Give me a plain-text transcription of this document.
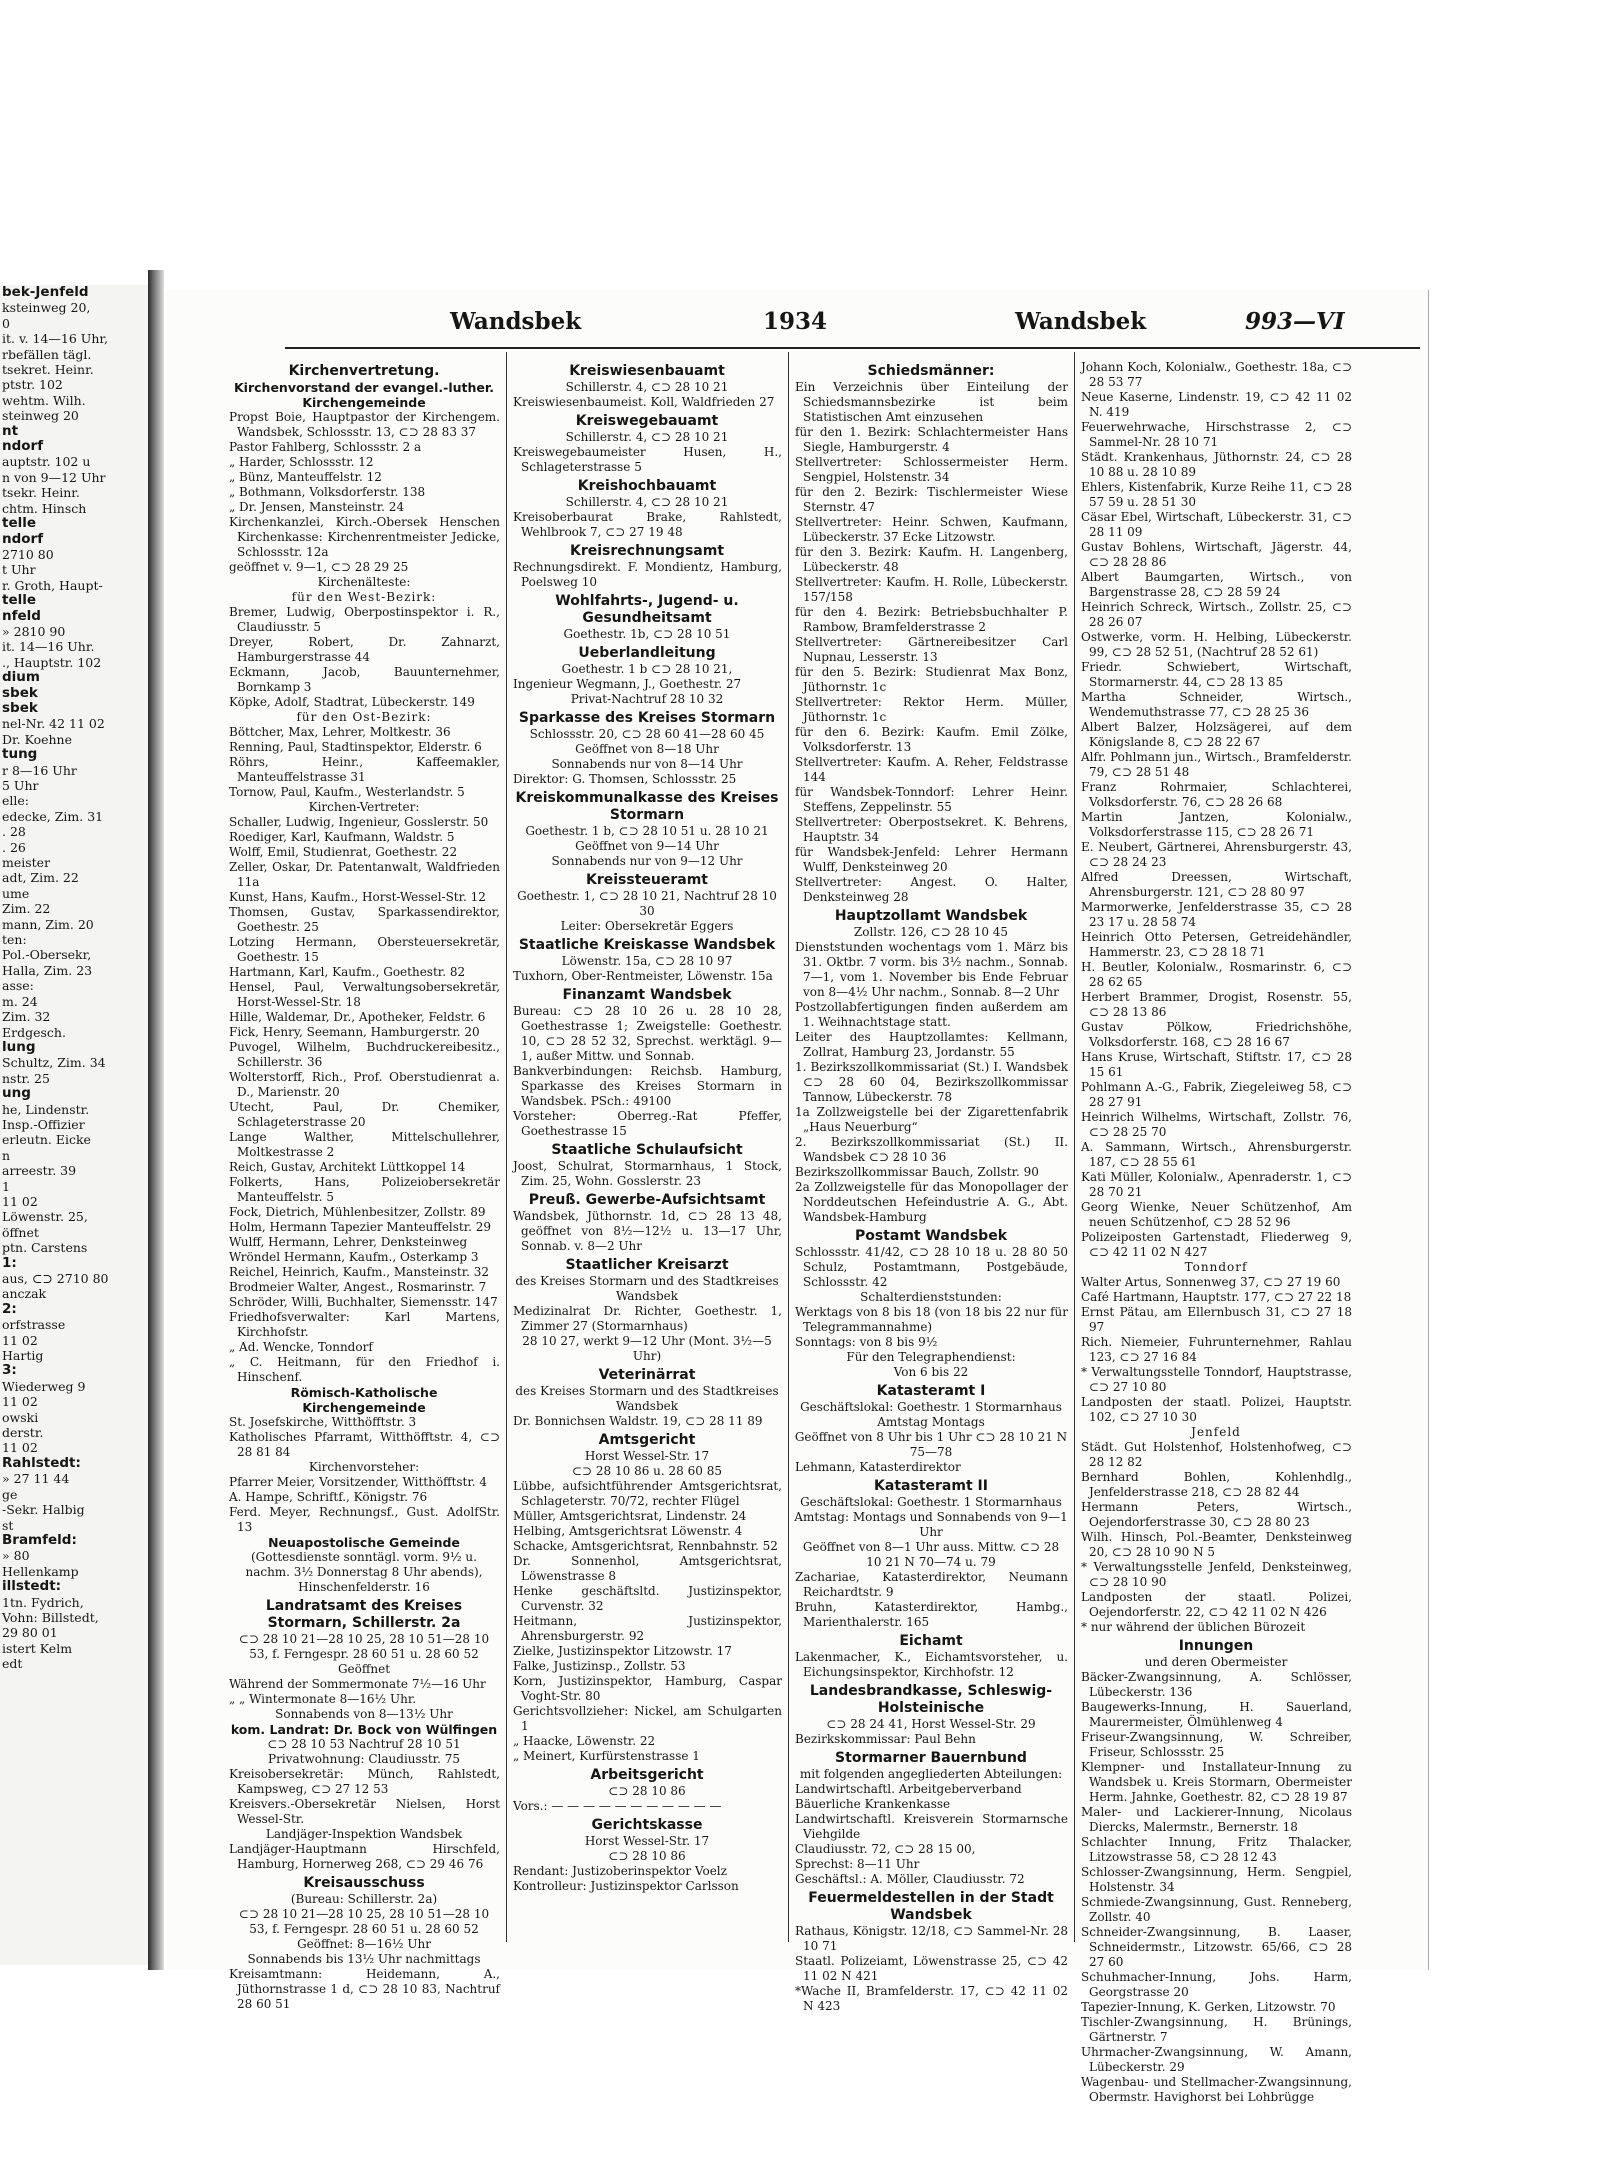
bek-Jenfeld
ksteinweg 20,
0
it. v. 14—16 Uhr,
rbefällen tägl.
tsekret. Heinr.
ptstr. 102
wehtm. Wilh.
steinweg 20
nt
ndorf
auptstr. 102 u
n von 9—12 Uhr
tsekr. Heinr.
chtm. Hinsch
telle
ndorf
2710 80
t Uhr
r. Groth, Haupt-
telle
nfeld
» 2810 90
it. 14—16 Uhr.
., Hauptstr. 102
dium
sbek
sbek
nel-Nr. 42 11 02
Dr. Koehne
tung
r 8—16 Uhr
5 Uhr
elle:
edecke, Zim. 31
. 28
. 26
meister
adt, Zim. 22
ume
Zim. 22
mann, Zim. 20
ten:
Pol.-Obersekr,
Halla, Zim. 23
asse:
m. 24
Zim. 32
Erdgesch.
lung
Schultz, Zim. 34
nstr. 25
ung
he, Lindenstr.
Insp.-Offizier
erleutn. Eicke
n
arreestr. 39
1
11 02
Löwenstr. 25,
öffnet
ptn. Carstens
1:
aus, ⊂⊃ 2710 80
anczak
2:
orfstrasse
11 02
Hartig
3:
Wiederweg 9
11 02
owski
derstr.
11 02
Rahlstedt:
» 27 11 44
ge
-Sekr. Halbig
st
Bramfeld:
» 80
Hellenkamp
illstedt:
1tn. Fydrich,
Vohn: Billstedt,
29 80 01
istert Kelm
edt
Wandsbek	1934	Wandsbek	993—VI
Kirchenvertretung.
Kirchenvorstand der evangel.-luther. Kirchengemeinde
Propst Boie, Hauptpastor der Kirchengem. Wandsbek, Schlossstr. 13, ⊂⊃ 28 83 37
Pastor Fahlberg, Schlossstr. 2 a
„ Harder, Schlossstr. 12
„ Bünz, Manteuffelstr. 12
„ Bothmann, Volksdorferstr. 138
„ Dr. Jensen, Mansteinstr. 24
Kirchenkanzlei, Kirch.-Obersek Henschen Kirchenkasse: Kirchenrentmeister Jedicke, Schlossstr. 12a
geöffnet v. 9—1, ⊂⊃ 28 29 25
Kirchenälteste:
für den West-Bezirk:
Bremer, Ludwig, Oberpostinspektor i. R., Claudiusstr. 5
Dreyer, Robert, Dr. Zahnarzt, Hamburgerstrasse 44
Eckmann, Jacob, Bauunternehmer, Bornkamp 3
Köpke, Adolf, Stadtrat, Lübeckerstr. 149
für den Ost-Bezirk:
Böttcher, Max, Lehrer, Moltkestr. 36
Renning, Paul, Stadtinspektor, Elderstr. 6
Röhrs, Heinr., Kaffeemakler, Manteuffelstrasse 31
Tornow, Paul, Kaufm., Westerlandstr. 5
Kirchen-Vertreter:
Schaller, Ludwig, Ingenieur, Gosslerstr. 50
Roediger, Karl, Kaufmann, Waldstr. 5
Wolff, Emil, Studienrat, Goethestr. 22
Zeller, Oskar, Dr. Patentanwalt, Waldfrieden 11a
Kunst, Hans, Kaufm., Horst-Wessel-Str. 12
Thomsen, Gustav, Sparkassendirektor, Goethestr. 25
Lotzing Hermann, Obersteuersekretär, Goethestr. 15
Hartmann, Karl, Kaufm., Goethestr. 82
Hensel, Paul, Verwaltungsobersekretär, Horst-Wessel-Str. 18
Hille, Waldemar, Dr., Apotheker, Feldstr. 6
Fick, Henry, Seemann, Hamburgerstr. 20
Puvogel, Wilhelm, Buchdruckereibesitz., Schillerstr. 36
Wolterstorff, Rich., Prof. Oberstudienrat a. D., Marienstr. 20
Utecht, Paul, Dr. Chemiker, Schlageterstrasse 20
Lange Walther, Mittelschullehrer, Moltkestrasse 2
Reich, Gustav, Architekt Lüttkoppel 14
Folkerts, Hans, Polizeiobersekretär Manteuffelstr. 5
Fock, Dietrich, Mühlenbesitzer, Zollstr. 89
Holm, Hermann Tapezier Manteuffelstr. 29
Wulff, Hermann, Lehrer, Denksteinweg
Wröndel Hermann, Kaufm., Osterkamp 3
Reichel, Heinrich, Kaufm., Mansteinstr. 32
Brodmeier Walter, Angest., Rosmarinstr. 7
Schröder, Willi, Buchhalter, Siemensstr. 147
Friedhofsverwalter: Karl Martens, Kirchhofstr.
„ Ad. Wencke, Tonndorf
„ C. Heitmann, für den Friedhof i. Hinschenf.
Römisch-Katholische Kirchengemeinde
St. Josefskirche, Witthöfftstr. 3
Katholisches Pfarramt, Witthöfftstr. 4, ⊂⊃ 28 81 84
Kirchenvorsteher:
Pfarrer Meier, Vorsitzender, Witthöfftstr. 4
A. Hampe, Schriftf., Königstr. 76
Ferd. Meyer, Rechnungsf., Gust. AdolfStr. 13
Neuapostolische Gemeinde
(Gottesdienste sonntägl. vorm. 9½ u. nachm. 3½ Donnerstag 8 Uhr abends), Hinschenfelderstr. 16
Landratsamt des Kreises Stormarn, Schillerstr. 2a
⊂⊃ 28 10 21—28 10 25, 28 10 51—28 10 53, f. Ferngespr. 28 60 51 u. 28 60 52
Geöffnet
Während der Sommermonate 7½—16 Uhr
„ „ Wintermonate 8—16½ Uhr.
Sonnabends von 8—13½ Uhr
kom. Landrat: Dr. Bock von Wülfingen
⊂⊃ 28 10 53 Nachtruf 28 10 51 Privatwohnung: Claudiusstr. 75
Kreisobersekretär: Münch, Rahlstedt, Kampsweg, ⊂⊃ 27 12 53
Kreisvers.-Obersekretär Nielsen, Horst Wessel-Str.
Landjäger-Inspektion Wandsbek
Landjäger-Hauptmann Hirschfeld, Hamburg, Hornerweg 268, ⊂⊃ 29 46 76
Kreisausschuss
(Bureau: Schillerstr. 2a)
⊂⊃ 28 10 21—28 10 25, 28 10 51—28 10 53, f. Ferngespr. 28 60 51 u. 28 60 52
Geöffnet: 8—16½ Uhr
Sonnabends bis 13½ Uhr nachmittags
Kreisamtmann: Heidemann, A., Jüthornstrasse 1 d, ⊂⊃ 28 10 83, Nachtruf 28 60 51
Kreiswiesenbauamt
Schillerstr. 4, ⊂⊃ 28 10 21
Kreiswiesenbaumeist. Koll, Waldfrieden 27
Kreiswegebauamt
Schillerstr. 4, ⊂⊃ 28 10 21
Kreiswegebaumeister Husen, H., Schlageterstrasse 5
Kreishochbauamt
Schillerstr. 4, ⊂⊃ 28 10 21
Kreisoberbaurat Brake, Rahlstedt, Wehlbrook 7, ⊂⊃ 27 19 48
Kreisrechnungsamt
Rechnungsdirekt. F. Mondientz, Hamburg, Poelsweg 10
Wohlfahrts-, Jugend- u. Gesundheitsamt
Goethestr. 1b, ⊂⊃ 28 10 51
Ueberlandleitung
Goethestr. 1 b ⊂⊃ 28 10 21,
Ingenieur Wegmann, J., Goethestr. 27
Privat-Nachtruf 28 10 32
Sparkasse des Kreises Stormarn
Schlossstr. 20, ⊂⊃ 28 60 41—28 60 45
Geöffnet von 8—18 Uhr
Sonnabends nur von 8—14 Uhr
Direktor: G. Thomsen, Schlossstr. 25
Kreiskommunalkasse des Kreises Stormarn
Goethestr. 1 b, ⊂⊃ 28 10 51 u. 28 10 21
Geöffnet von 9—14 Uhr
Sonnabends nur von 9—12 Uhr
Kreissteueramt
Goethestr. 1, ⊂⊃ 28 10 21, Nachtruf 28 10 30
Leiter: Obersekretär Eggers
Staatliche Kreiskasse Wandsbek
Löwenstr. 15a, ⊂⊃ 28 10 97
Tuxhorn, Ober-Rentmeister, Löwenstr. 15a
Finanzamt Wandsbek
Bureau: ⊂⊃ 28 10 26 u. 28 10 28, Goethestrasse 1; Zweigstelle: Goethestr. 10, ⊂⊃ 28 52 32, Sprechst. werktägl. 9—1, außer Mittw. und Sonnab.
Bankverbindungen: Reichsb. Hamburg, Sparkasse des Kreises Stormarn in Wandsbek. PSch.: 49100
Vorsteher: Oberreg.-Rat Pfeffer, Goethestrasse 15
Staatliche Schulaufsicht
Joost, Schulrat, Stormarnhaus, 1 Stock, Zim. 25, Wohn. Gosslerstr. 23
Preuß. Gewerbe-Aufsichtsamt
Wandsbek, Jüthornstr. 1d, ⊂⊃ 28 13 48, geöffnet von 8½—12½ u. 13—17 Uhr, Sonnab. v. 8—2 Uhr
Staatlicher Kreisarzt
des Kreises Stormarn und des Stadtkreises Wandsbek
Medizinalrat Dr. Richter, Goethestr. 1, Zimmer 27 (Stormarnhaus)
28 10 27, werkt 9—12 Uhr (Mont. 3½—5 Uhr)
Veterinärrat
des Kreises Stormarn und des Stadtkreises Wandsbek
Dr. Bonnichsen Waldstr. 19, ⊂⊃ 28 11 89
Amtsgericht
Horst Wessel-Str. 17
⊂⊃ 28 10 86 u. 28 60 85
Lübbe, aufsichtführender Amtsgerichtsrat, Schlageterstr. 70/72, rechter Flügel
Müller, Amtsgerichtsrat, Lindenstr. 24
Helbing, Amtsgerichtsrat Löwenstr. 4
Schacke, Amtsgerichtsrat, Rennbahnstr. 52
Dr. Sonnenhol, Amtsgerichtsrat, Löwenstrasse 8
Henke geschäftsltd. Justizinspektor, Curvenstr. 32
Heitmann, Justizinspektor, Ahrensburgerstr. 92
Zielke, Justizinspektor Litzowstr. 17
Falke, Justizinsp., Zollstr. 53
Korn, Justizinspektor, Hamburg, Caspar Voght-Str. 80
Gerichtsvollzieher: Nickel, am Schulgarten 1
„ Haacke, Löwenstr. 22
„ Meinert, Kurfürstenstrasse 1
Arbeitsgericht
⊂⊃ 28 10 86
Vors.: — — — — — — — — — — —
Gerichtskasse
Horst Wessel-Str. 17
⊂⊃ 28 10 86
Rendant: Justizoberinspektor Voelz
Kontrolleur: Justizinspektor Carlsson
Schiedsmänner:
Ein Verzeichnis über Einteilung der Schiedsmannsbezirke ist beim Statistischen Amt einzusehen
für den 1. Bezirk: Schlachtermeister Hans Siegle, Hamburgerstr. 4
Stellvertreter: Schlossermeister Herm. Sengpiel, Holstenstr. 34
für den 2. Bezirk: Tischlermeister Wiese Sternstr. 47
Stellvertreter: Heinr. Schwen, Kaufmann, Lübeckerstr. 37 Ecke Litzowstr.
für den 3. Bezirk: Kaufm. H. Langenberg, Lübeckerstr. 48
Stellvertreter: Kaufm. H. Rolle, Lübeckerstr. 157/158
für den 4. Bezirk: Betriebsbuchhalter P. Rambow, Bramfelderstrasse 2
Stellvertreter: Gärtnereibesitzer Carl Nupnau, Lesserstr. 13
für den 5. Bezirk: Studienrat Max Bonz, Jüthornstr. 1c
Stellvertreter: Rektor Herm. Müller, Jüthornstr. 1c
für den 6. Bezirk: Kaufm. Emil Zölke, Volksdorferstr. 13
Stellvertreter: Kaufm. A. Reher, Feldstrasse 144
für Wandsbek-Tonndorf: Lehrer Heinr. Steffens, Zeppelinstr. 55
Stellvertreter: Oberpostsekret. K. Behrens, Hauptstr. 34
für Wandsbek-Jenfeld: Lehrer Hermann Wulff, Denksteinweg 20
Stellvertreter: Angest. O. Halter, Denksteinweg 28
Hauptzollamt Wandsbek
Zollstr. 126, ⊂⊃ 28 10 45
Dienststunden wochentags vom 1. März bis 31. Oktbr. 7 vorm. bis 3½ nachm., Sonnab. 7—1, vom 1. November bis Ende Februar von 8—4½ Uhr nachm., Sonnab. 8—2 Uhr
Postzollabfertigungen finden außerdem am 1. Weihnachtstage statt.
Leiter des Hauptzollamtes: Kellmann, Zollrat, Hamburg 23, Jordanstr. 55
1. Bezirkszollkommissariat (St.) I. Wandsbek ⊂⊃ 28 60 04, Bezirkszollkommissar Tannow, Lübeckerstr. 78
1a Zollzweigstelle bei der Zigarettenfabrik „Haus Neuerburg“
2. Bezirkszollkommissariat (St.) II. Wandsbek ⊂⊃ 28 10 36
Bezirkszollkommissar Bauch, Zollstr. 90
2a Zollzweigstelle für das Monopollager der Norddeutschen Hefeindustrie A. G., Abt. Wandsbek-Hamburg
Postamt Wandsbek
Schlossstr. 41/42, ⊂⊃ 28 10 18 u. 28 80 50 Schulz, Postamtmann, Postgebäude, Schlossstr. 42
Schalterdienststunden:
Werktags von 8 bis 18 (von 18 bis 22 nur für Telegrammannahme)
Sonntags: von 8 bis 9½
Für den Telegraphendienst:
Von 6 bis 22
Katasteramt I
Geschäftslokal: Goethestr. 1 Stormarnhaus
Amtstag Montags
Geöffnet von 8 Uhr bis 1 Uhr ⊂⊃ 28 10 21 N 75—78
Lehmann, Katasterdirektor
Katasteramt II
Geschäftslokal: Goethestr. 1 Stormarnhaus
Amtstag: Montags und Sonnabends von 9—1 Uhr
Geöffnet von 8—1 Uhr auss. Mittw. ⊂⊃ 28 10 21 N 70—74 u. 79
Zachariae, Katasterdirektor, Neumann Reichardtstr. 9
Bruhn, Katasterdirektor, Hambg., Marienthalerstr. 165
Eichamt
Lakenmacher, K., Eichamtsvorsteher, u. Eichungsinspektor, Kirchhofstr. 12
Landesbrandkasse, Schleswig-Holsteinische
⊂⊃ 28 24 41, Horst Wessel-Str. 29
Bezirkskommissar: Paul Behn
Stormarner Bauernbund
mit folgenden angegliederten Abteilungen:
Landwirtschaftl. Arbeitgeberverband
Bäuerliche Krankenkasse
Landwirtschaftl. Kreisverein Stormarnsche Viehgilde
Claudiusstr. 72, ⊂⊃ 28 15 00,
Sprechst: 8—11 Uhr
Geschäftsl.: A. Möller, Claudiusstr. 72
Feuermeldestellen in der Stadt Wandsbek
Rathaus, Königstr. 12/18, ⊂⊃ Sammel-Nr. 28 10 71
Staatl. Polizeiamt, Löwenstrasse 25, ⊂⊃ 42 11 02 N 421
*Wache II, Bramfelderstr. 17, ⊂⊃ 42 11 02 N 423
Johann Koch, Kolonialw., Goethestr. 18a, ⊂⊃ 28 53 77
Neue Kaserne, Lindenstr. 19, ⊂⊃ 42 11 02 N. 419
Feuerwehrwache, Hirschstrasse 2, ⊂⊃ Sammel-Nr. 28 10 71
Städt. Krankenhaus, Jüthornstr. 24, ⊂⊃ 28 10 88 u. 28 10 89
Ehlers, Kistenfabrik, Kurze Reihe 11, ⊂⊃ 28 57 59 u. 28 51 30
Cäsar Ebel, Wirtschaft, Lübeckerstr. 31, ⊂⊃ 28 11 09
Gustav Bohlens, Wirtschaft, Jägerstr. 44, ⊂⊃ 28 28 86
Albert Baumgarten, Wirtsch., von Bargenstrasse 28, ⊂⊃ 28 59 24
Heinrich Schreck, Wirtsch., Zollstr. 25, ⊂⊃ 28 26 07
Ostwerke, vorm. H. Helbing, Lübeckerstr. 99, ⊂⊃ 28 52 51, (Nachtruf 28 52 61)
Friedr. Schwiebert, Wirtschaft, Stormarnerstr. 44, ⊂⊃ 28 13 85
Martha Schneider, Wirtsch., Wendemuthstrasse 77, ⊂⊃ 28 25 36
Albert Balzer, Holzsägerei, auf dem Königslande 8, ⊂⊃ 28 22 67
Alfr. Pohlmann jun., Wirtsch., Bramfelderstr. 79, ⊂⊃ 28 51 48
Franz Rohrmaier, Schlachterei, Volksdorferstr. 76, ⊂⊃ 28 26 68
Martin Jantzen, Kolonialw., Volksdorferstrasse 115, ⊂⊃ 28 26 71
E. Neubert, Gärtnerei, Ahrensburgerstr. 43, ⊂⊃ 28 24 23
Alfred Dreessen, Wirtschaft, Ahrensburgerstr. 121, ⊂⊃ 28 80 97
Marmorwerke, Jenfelderstrasse 35, ⊂⊃ 28 23 17 u. 28 58 74
Heinrich Otto Petersen, Getreidehändler, Hammerstr. 23, ⊂⊃ 28 18 71
H. Beutler, Kolonialw., Rosmarinstr. 6, ⊂⊃ 28 62 65
Herbert Brammer, Drogist, Rosenstr. 55, ⊂⊃ 28 13 86
Gustav Pölkow, Friedrichshöhe, Volksdorferstr. 168, ⊂⊃ 28 16 67
Hans Kruse, Wirtschaft, Stiftstr. 17, ⊂⊃ 28 15 61
Pohlmann A.-G., Fabrik, Ziegeleiweg 58, ⊂⊃ 28 27 91
Heinrich Wilhelms, Wirtschaft, Zollstr. 76, ⊂⊃ 28 25 70
A. Sammann, Wirtsch., Ahrensburgerstr. 187, ⊂⊃ 28 55 61
Kati Müller, Kolonialw., Apenraderstr. 1, ⊂⊃ 28 70 21
Georg Wienke, Neuer Schützenhof, Am neuen Schützenhof, ⊂⊃ 28 52 96
Polizeiposten Gartenstadt, Fliederweg 9, ⊂⊃ 42 11 02 N 427
Tonndorf
Walter Artus, Sonnenweg 37, ⊂⊃ 27 19 60
Café Hartmann, Hauptstr. 177, ⊂⊃ 27 22 18
Ernst Pätau, am Ellernbusch 31, ⊂⊃ 27 18 97
Rich. Niemeier, Fuhrunternehmer, Rahlau 123, ⊂⊃ 27 16 84
* Verwaltungsstelle Tonndorf, Hauptstrasse, ⊂⊃ 27 10 80
Landposten der staatl. Polizei, Hauptstr. 102, ⊂⊃ 27 10 30
Jenfeld
Städt. Gut Holstenhof, Holstenhofweg, ⊂⊃ 28 12 82
Bernhard Bohlen, Kohlenhdlg., Jenfelderstrasse 218, ⊂⊃ 28 82 44
Hermann Peters, Wirtsch., Oejendorferstrasse 30, ⊂⊃ 28 80 23
Wilh. Hinsch, Pol.-Beamter, Denksteinweg 20, ⊂⊃ 28 10 90 N 5
* Verwaltungsstelle Jenfeld, Denksteinweg, ⊂⊃ 28 10 90
Landposten der staatl. Polizei, Oejendorferstr. 22, ⊂⊃ 42 11 02 N 426
* nur während der üblichen Bürozeit
Innungen
und deren Obermeister
Bäcker-Zwangsinnung, A. Schlösser, Lübeckerstr. 136
Baugewerks-Innung, H. Sauerland, Maurermeister, Ölmühlenweg 4
Friseur-Zwangsinnung, W. Schreiber, Friseur, Schlossstr. 25
Klempner- und Installateur-Innung zu Wandsbek u. Kreis Stormarn, Obermeister Herm. Jahnke, Goethestr. 82, ⊂⊃ 28 19 87
Maler- und Lackierer-Innung, Nicolaus Diercks, Malermstr., Bernerstr. 18
Schlachter Innung, Fritz Thalacker, Litzowstrasse 58, ⊂⊃ 28 12 43
Schlosser-Zwangsinnung, Herm. Sengpiel, Holstenstr. 34
Schmiede-Zwangsinnung, Gust. Rennеberg, Zollstr. 40
Schneider-Zwangsinnung, B. Laaser, Schneidermstr., Litzowstr. 65/66, ⊂⊃ 28 27 60
Schuhmacher-Innung, Johs. Harm, Georgstrasse 20
Tapezier-Innung, K. Gerken, Litzowstr. 70
Tischler-Zwangsinnung, H. Brünings, Gärtnerstr. 7
Uhrmacher-Zwangsinnung, W. Amann, Lübeckerstr. 29
Wagenbau- und Stellmacher-Zwangsinnung, Obermstr. Havighorst bei Lohbrügge
